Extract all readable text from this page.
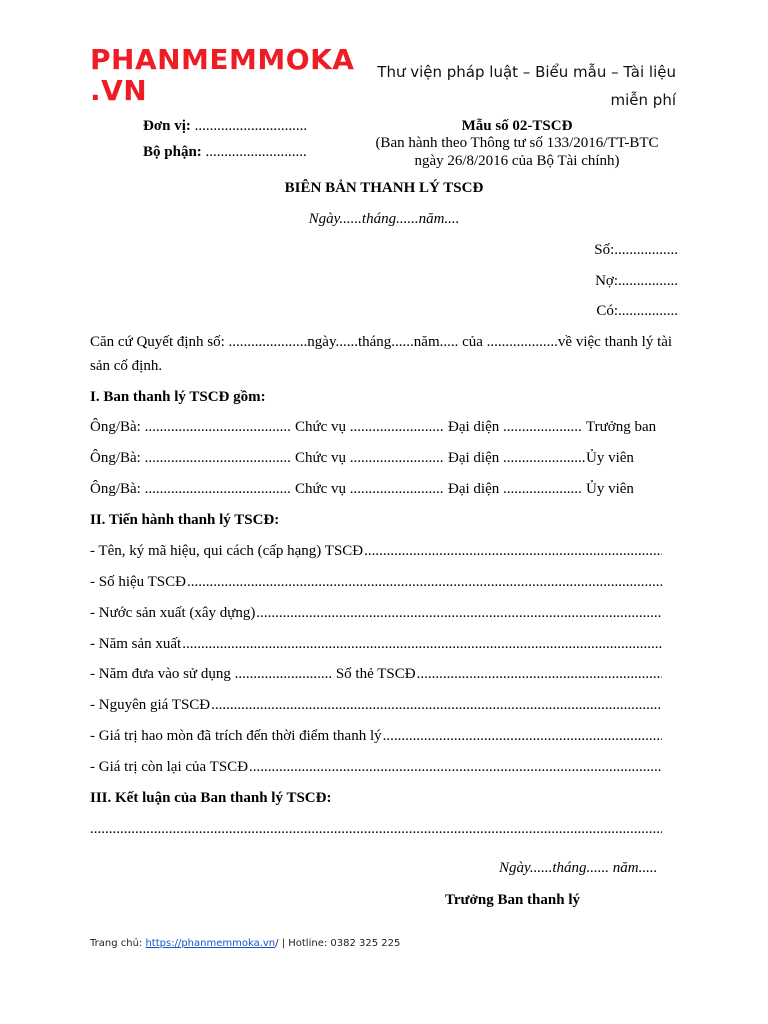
PHANMEMMOKA .VN
Thư viện pháp luật – Biểu mẫu – Tài liệu miễn phí
Đơn vị: ..............................
Bộ phận: ...........................
Mẫu số 02-TSCĐ
(Ban hành theo Thông tư số 133/2016/TT-BTC
ngày 26/8/2016 của Bộ Tài chính)
BIÊN BẢN THANH LÝ TSCĐ
Ngày......tháng......năm....
Số:.................
Nợ:................
Có:................
Căn cứ Quyết định số: .....................ngày......tháng......năm..... của ...................về việc thanh lý tài
sản cố định.
I. Ban thanh lý TSCĐ gồm:
Ông/Bà: ....................................... Chức vụ ......................... Đại diện ..................... Trưởng ban
Ông/Bà: ....................................... Chức vụ ......................... Đại diện ...................... Ủy viên
Ông/Bà: ....................................... Chức vụ ......................... Đại diện ..................... Ủy viên
II. Tiến hành thanh lý TSCĐ:
- Tên, ký mã hiệu, qui cách (cấp hạng) TSCĐ
.....
- Số hiệu TSCĐ
.....
- Nước sản xuất (xây dựng)
.....
- Năm sản xuất
.....
- Năm đưa vào sử dụng .......................... Số thẻ TSCĐ
.....
- Nguyên giá TSCĐ
.....
- Giá trị hao mòn đã trích đến thời điểm thanh lý
.....
- Giá trị còn lại của TSCĐ
.....
III. Kết luận của Ban thanh lý TSCĐ:
.....
Ngày......tháng...... năm.....
Trưởng Ban thanh lý
Trang chủ: https://phanmemmoka.vn/ | Hotline: 0382 325 225
